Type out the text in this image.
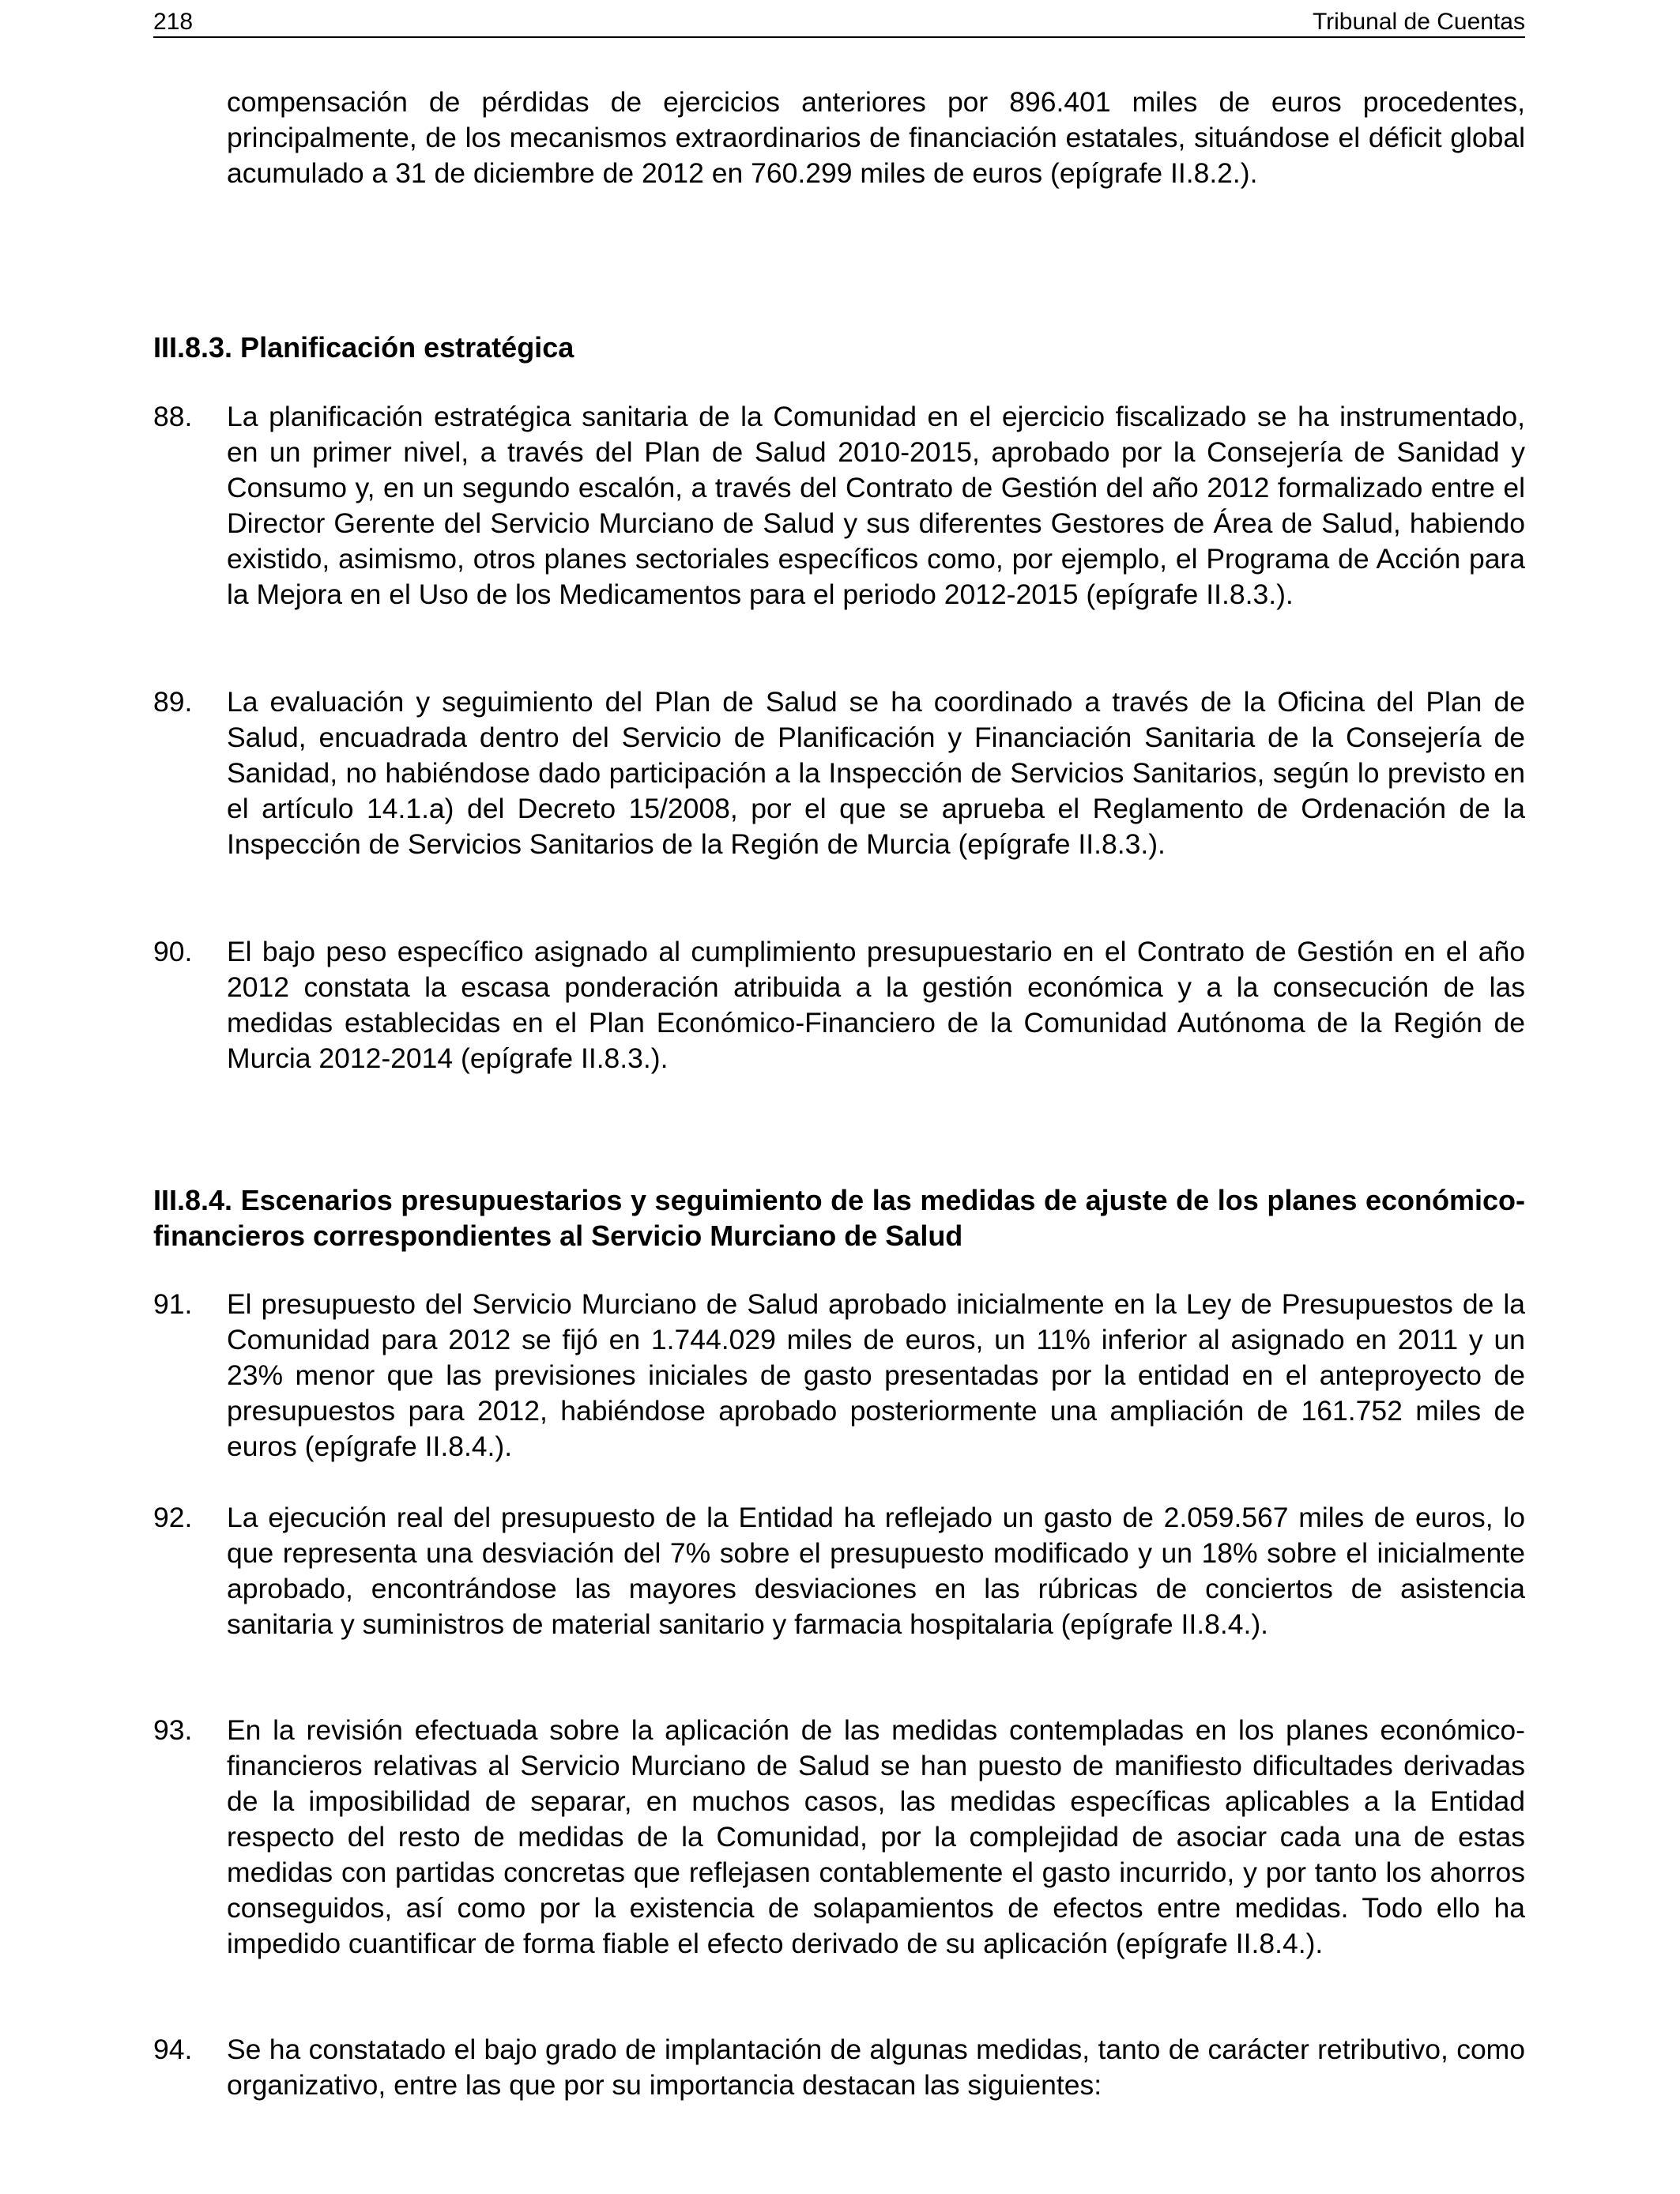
218	Tribunal de Cuentas
compensación de pérdidas de ejercicios anteriores por 896.401 miles de euros procedentes, principalmente, de los mecanismos extraordinarios de financiación estatales, situándose el déficit global acumulado a 31 de diciembre de 2012 en 760.299 miles de euros (epígrafe II.8.2.).
III.8.3. Planificación estratégica
88. La planificación estratégica sanitaria de la Comunidad en el ejercicio fiscalizado se ha instrumentado, en un primer nivel, a través del Plan de Salud 2010-2015, aprobado por la Consejería de Sanidad y Consumo y, en un segundo escalón, a través del Contrato de Gestión del año 2012 formalizado entre el Director Gerente del Servicio Murciano de Salud y sus diferentes Gestores de Área de Salud, habiendo existido, asimismo, otros planes sectoriales específicos como, por ejemplo, el Programa de Acción para la Mejora en el Uso de los Medicamentos para el periodo 2012-2015 (epígrafe II.8.3.).
89. La evaluación y seguimiento del Plan de Salud se ha coordinado a través de la Oficina del Plan de Salud, encuadrada dentro del Servicio de Planificación y Financiación Sanitaria de la Consejería de Sanidad, no habiéndose dado participación a la Inspección de Servicios Sanitarios, según lo previsto en el artículo 14.1.a) del Decreto 15/2008, por el que se aprueba el Reglamento de Ordenación de la Inspección de Servicios Sanitarios de la Región de Murcia (epígrafe II.8.3.).
90. El bajo peso específico asignado al cumplimiento presupuestario en el Contrato de Gestión en el año 2012 constata la escasa ponderación atribuida a la gestión económica y a la consecución de las medidas establecidas en el Plan Económico-Financiero de la Comunidad Autónoma de la Región de Murcia 2012-2014 (epígrafe II.8.3.).
III.8.4. Escenarios presupuestarios y seguimiento de las medidas de ajuste de los planes económico-financieros correspondientes al Servicio Murciano de Salud
91. El presupuesto del Servicio Murciano de Salud aprobado inicialmente en la Ley de Presupuestos de la Comunidad para 2012 se fijó en 1.744.029 miles de euros, un 11% inferior al asignado en 2011 y un 23% menor que las previsiones iniciales de gasto presentadas por la entidad en el anteproyecto de presupuestos para 2012, habiéndose aprobado posteriormente una ampliación de 161.752 miles de euros (epígrafe II.8.4.).
92. La ejecución real del presupuesto de la Entidad ha reflejado un gasto de 2.059.567 miles de euros, lo que representa una desviación del 7% sobre el presupuesto modificado y un 18% sobre el inicialmente aprobado, encontrándose las mayores desviaciones en las rúbricas de conciertos de asistencia sanitaria y suministros de material sanitario y farmacia hospitalaria (epígrafe II.8.4.).
93. En la revisión efectuada sobre la aplicación de las medidas contempladas en los planes económico-financieros relativas al Servicio Murciano de Salud se han puesto de manifiesto dificultades derivadas de la imposibilidad de separar, en muchos casos, las medidas específicas aplicables a la Entidad respecto del resto de medidas de la Comunidad, por la complejidad de asociar cada una de estas medidas con partidas concretas que reflejasen contablemente el gasto incurrido, y por tanto los ahorros conseguidos, así como por la existencia de solapamientos de efectos entre medidas. Todo ello ha impedido cuantificar de forma fiable el efecto derivado de su aplicación (epígrafe II.8.4.).
94. Se ha constatado el bajo grado de implantación de algunas medidas, tanto de carácter retributivo, como organizativo, entre las que por su importancia destacan las siguientes:
